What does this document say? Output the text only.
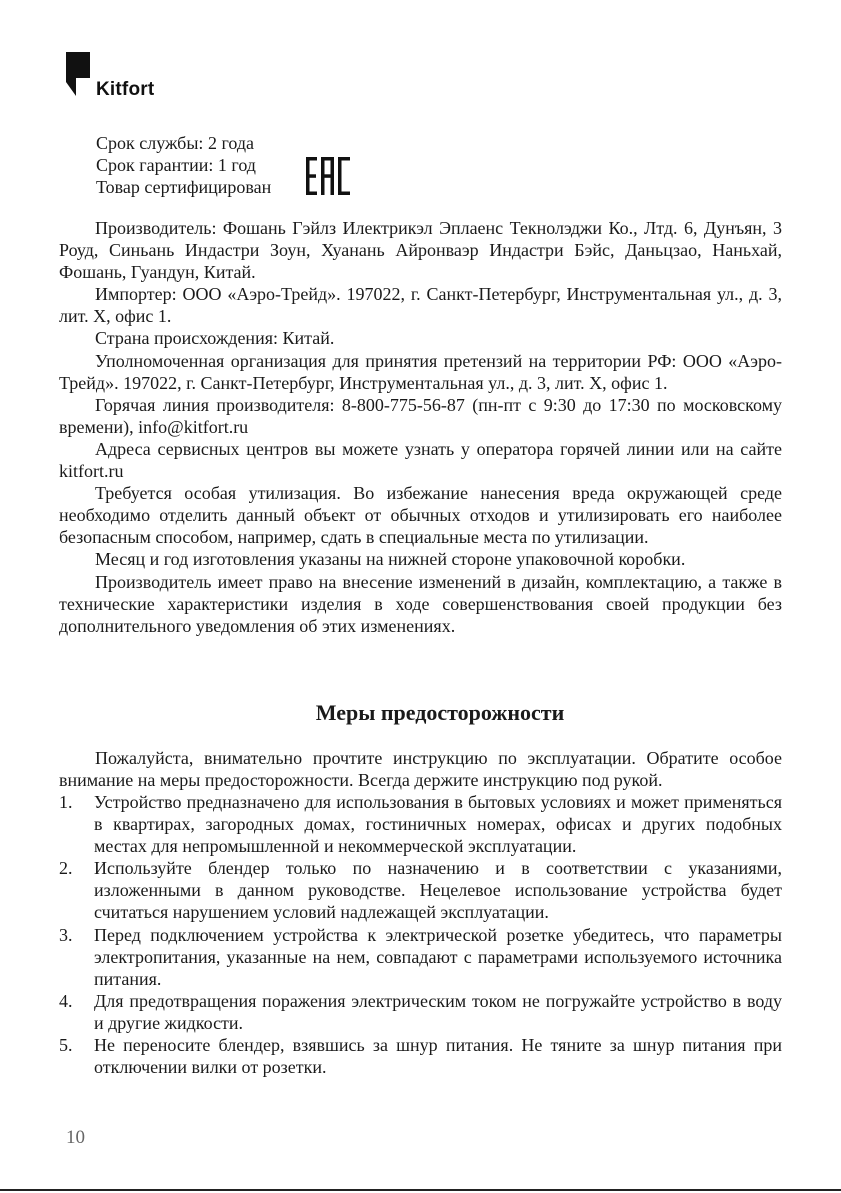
Kitfort
Срок службы: 2 года
Срок гарантии: 1 год
Товар сертифицирован

Производитель: Фошань Гэйлз Илектрикэл Эплаенс Текнолэджи Ко., Лтд. 6, Дунъян, 3 Роуд, Синьань Индастри Зоун, Хуанань Айронваэр Индастри Бэйс, Даньцзао, Наньхай, Фошань, Гуандун, Китай.

Импортер: ООО «Аэро-Трейд». 197022, г. Санкт-Петербург, Инструментальная ул., д. 3, лит. Х, офис 1.

Страна происхождения: Китай.

Уполномоченная организация для принятия претензий на территории РФ: ООО «Аэро-Трейд». 197022, г. Санкт-Петербург, Инструментальная ул., д. 3, лит. Х, офис 1.

Горячая линия производителя: 8-800-775-56-87 (пн-пт с 9:30 до 17:30 по московскому времени), info@kitfort.ru

Адреса сервисных центров вы можете узнать у оператора горячей линии или на сайте kitfort.ru

Требуется особая утилизация. Во избежание нанесения вреда окружающей среде необходимо отделить данный объект от обычных отходов и утилизировать его наиболее безопасным способом, например, сдать в специальные места по утилизации.

Месяц и год изготовления указаны на нижней стороне упаковочной коробки.

Производитель имеет право на внесение изменений в дизайн, комплектацию, а также в технические характеристики изделия в ходе совершенствования своей продукции без дополнительного уведомления об этих изменениях.

Меры предосторожности

Пожалуйста, внимательно прочтите инструкцию по эксплуатации. Обратите особое внимание на меры предосторожности. Всегда держите инструкцию под рукой.

1. Устройство предназначено для использования в бытовых условиях и может применяться в квартирах, загородных домах, гостиничных номерах, офисах и других подобных местах для непромышленной и некоммерческой эксплуатации.
2. Используйте блендер только по назначению и в соответствии с указаниями, изложенными в данном руководстве. Нецелевое использование устройства будет считаться нарушением условий надлежащей эксплуатации.
3. Перед подключением устройства к электрической розетке убедитесь, что параметры электропитания, указанные на нем, совпадают с параметрами используемого источника питания.
4. Для предотвращения поражения электрическим током не погружайте устройство в воду и другие жидкости.
5. Не переносите блендер, взявшись за шнур питания. Не тяните за шнур питания при отключении вилки от розетки.
10
